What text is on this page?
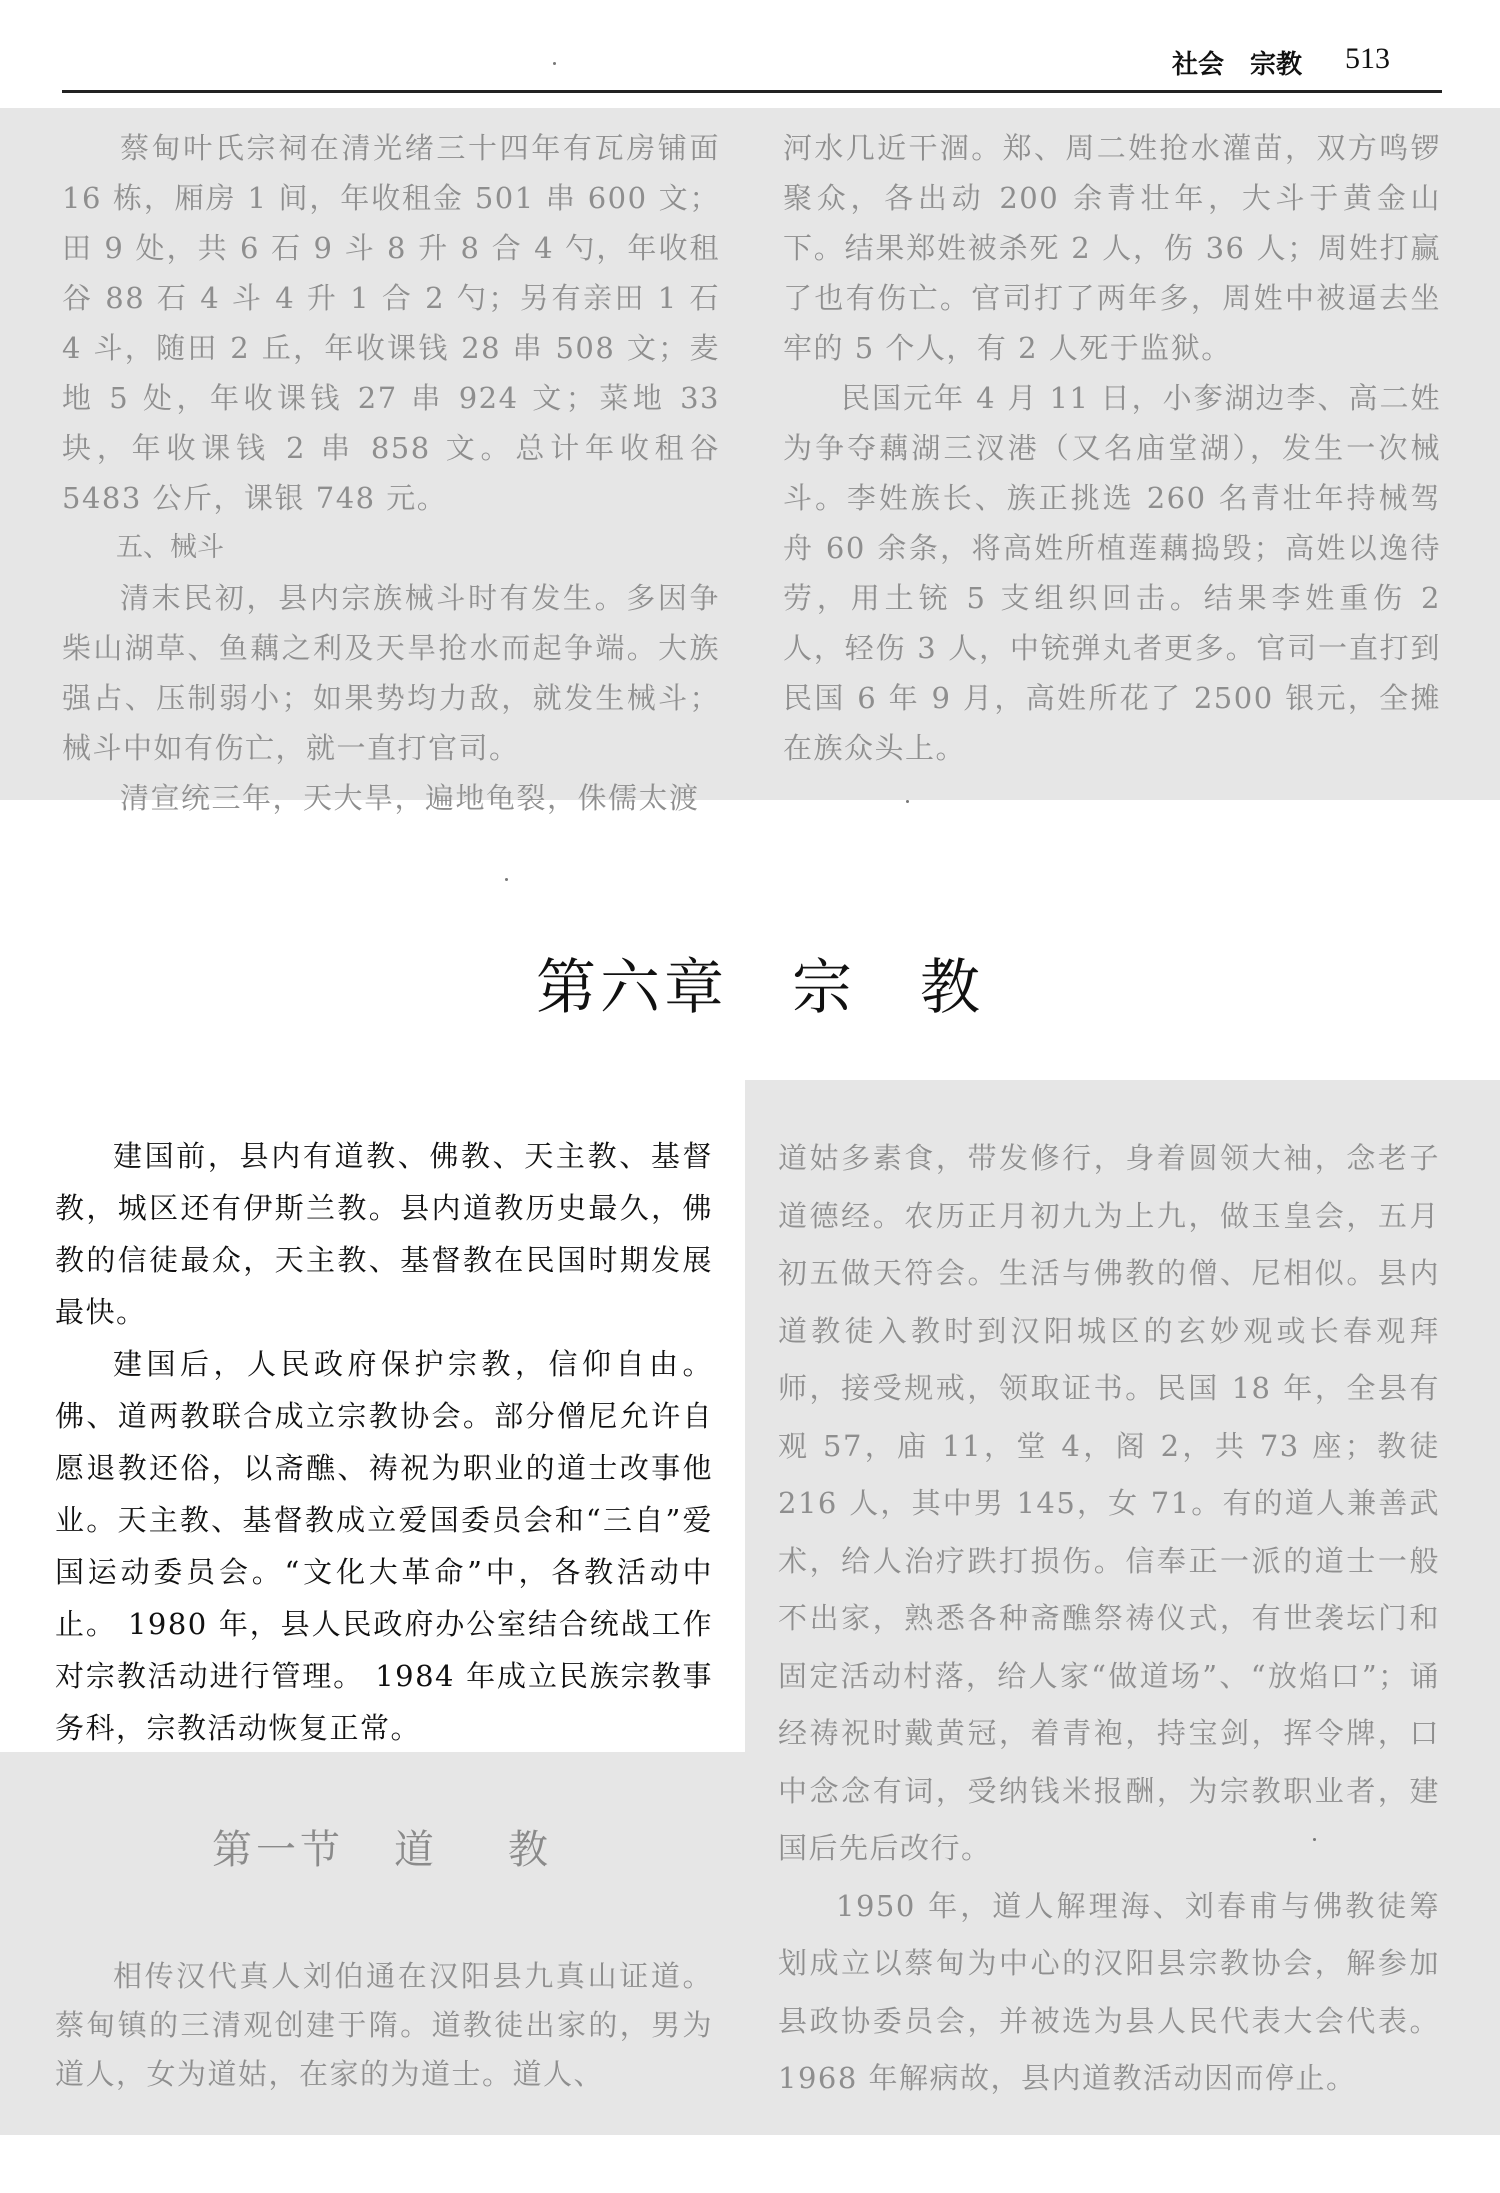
社会　宗教 513

蔡甸叶氏宗祠在清光绪三十四年有瓦房铺面 16 栋，厢房 1 间，年收租金 501 串 600 文；田 9 处，共 6 石 9 斗 8 升 8 合 4 勺，年收租谷 88 石 4 斗 4 升 1 合 2 勺；另有亲田 1 石 4 斗，随田 2 丘，年收课钱 28 串 508 文；麦地 5 处，年收课钱 27 串 924 文；菜地 33 块，年收课钱 2 串 858 文。总计年收租谷 5483 公斤，课银 748 元。

五、械斗

清末民初，县内宗族械斗时有发生。多因争柴山湖草、鱼藕之利及天旱抢水而起争端。大族强占、压制弱小；如果势均力敌，就发生械斗；械斗中如有伤亡，就一直打官司。

清宣统三年，天大旱，遍地龟裂，侏儒太渡

河水几近干涸。郑、周二姓抢水灌苗，双方鸣锣聚众，各出动 200 余青壮年，大斗于黄金山下。结果郑姓被杀死 2 人，伤 36 人；周姓打赢了也有伤亡。官司打了两年多，周姓中被逼去坐牢的 5 个人，有 2 人死于监狱。

民国元年 4 月 11 日，小奓湖边李、高二姓为争夺藕湖三汊港（又名庙堂湖），发生一次械斗。李姓族长、族正挑选 260 名青壮年持械驾舟 60 余条，将高姓所植莲藕捣毁；高姓以逸待劳，用土铳 5 支组织回击。结果李姓重伤 2 人，轻伤 3 人，中铳弹丸者更多。官司一直打到民国 6 年 9 月，高姓所花了 2500 银元，全摊在族众头上。

第六章 宗 教

建国前，县内有道教、佛教、天主教、基督教，城区还有伊斯兰教。县内道教历史最久，佛教的信徒最众，天主教、基督教在民国时期发展最快。

建国后，人民政府保护宗教，信仰自由。佛、道两教联合成立宗教协会。部分僧尼允许自愿退教还俗，以斋醮、祷祝为职业的道士改事他业。天主教、基督教成立爱国委员会和“三自”爱国运动委员会。“文化大革命”中，各教活动中止。 1980 年，县人民政府办公室结合统战工作对宗教活动进行管理。 1984 年成立民族宗教事务科，宗教活动恢复正常。

第一节 道 教

相传汉代真人刘伯通在汉阳县九真山证道。蔡甸镇的三清观创建于隋。道教徒出家的，男为道人，女为道姑，在家的为道士。道人、

道姑多素食，带发修行，身着圆领大袖，念老子道德经。农历正月初九为上九，做玉皇会，五月初五做天符会。生活与佛教的僧、尼相似。县内道教徒入教时到汉阳城区的玄妙观或长春观拜师，接受规戒，领取证书。民国 18 年，全县有观 57，庙 11，堂 4，阁 2，共 73 座；教徒 216 人，其中男 145，女 71。有的道人兼善武术，给人治疗跌打损伤。信奉正一派的道士一般不出家，熟悉各种斋醮祭祷仪式，有世袭坛门和固定活动村落，给人家“做道场”、“放焰口”；诵经祷祝时戴黄冠，着青袍，持宝剑，挥令牌，口中念念有词，受纳钱米报酬，为宗教职业者，建国后先后改行。

1950 年，道人解理海、刘春甫与佛教徒筹划成立以蔡甸为中心的汉阳县宗教协会，解参加县政协委员会，并被选为县人民代表大会代表。1968 年解病故，县内道教活动因而停止。
